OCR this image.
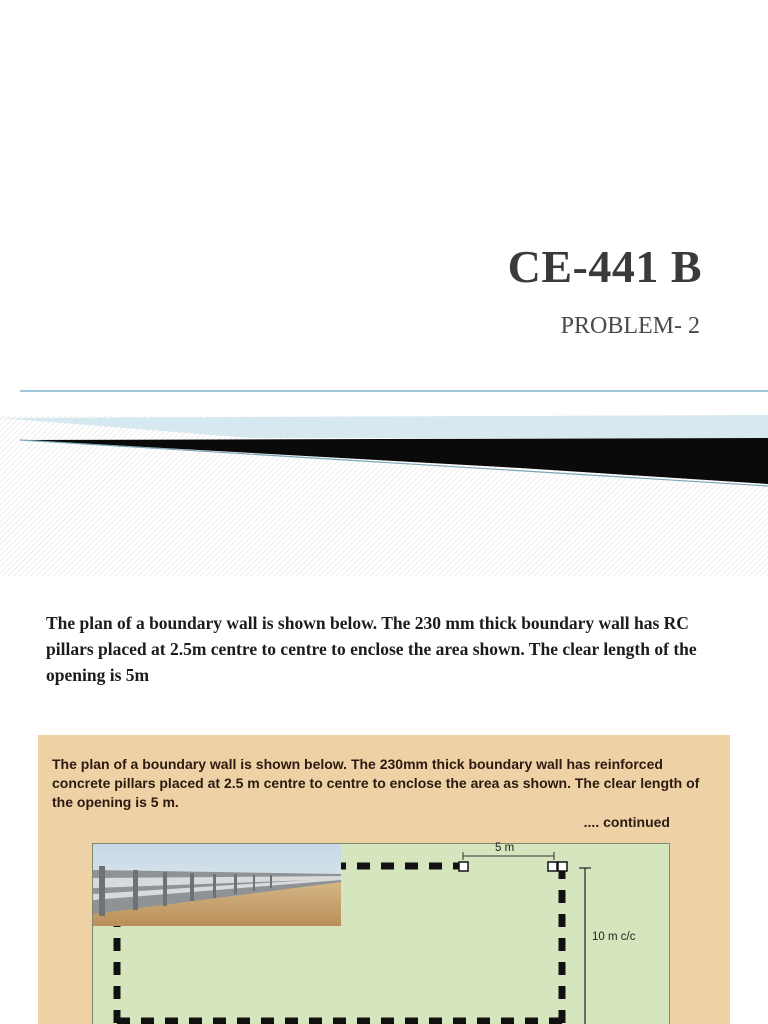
CE-441 B

PROBLEM- 2

The plan of a boundary wall is shown below. The 230 mm thick boundary wall has RC pillars placed at 2.5m centre to centre to enclose the area shown. The clear length of the opening is 5m

The plan of a boundary wall is shown below. The 230mm thick boundary wall has reinforced concrete pillars placed at 2.5 m centre to centre to enclose the area as shown. The clear length of the opening is 5 m.

.... continued
5 m
10 m c/c
